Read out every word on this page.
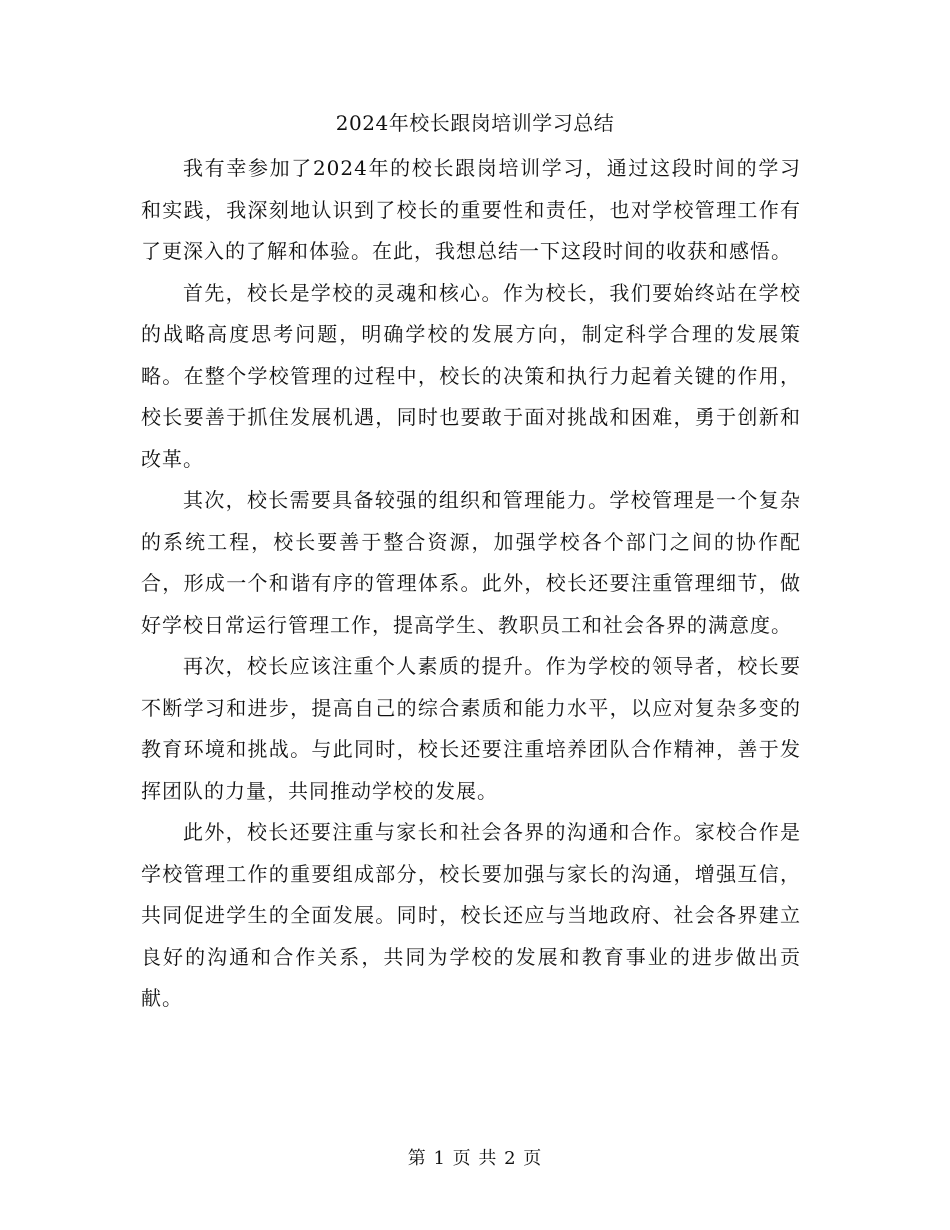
2024年校长跟岗培训学习总结

我有幸参加了2024年的校长跟岗培训学习，通过这段时间的学习和实践，我深刻地认识到了校长的重要性和责任，也对学校管理工作有了更深入的了解和体验。在此，我想总结一下这段时间的收获和感悟。

首先，校长是学校的灵魂和核心。作为校长，我们要始终站在学校的战略高度思考问题，明确学校的发展方向，制定科学合理的发展策略。在整个学校管理的过程中，校长的决策和执行力起着关键的作用，校长要善于抓住发展机遇，同时也要敢于面对挑战和困难，勇于创新和改革。

其次，校长需要具备较强的组织和管理能力。学校管理是一个复杂的系统工程，校长要善于整合资源，加强学校各个部门之间的协作配合，形成一个和谐有序的管理体系。此外，校长还要注重管理细节，做好学校日常运行管理工作，提高学生、教职员工和社会各界的满意度。

再次，校长应该注重个人素质的提升。作为学校的领导者，校长要不断学习和进步，提高自己的综合素质和能力水平，以应对复杂多变的教育环境和挑战。与此同时，校长还要注重培养团队合作精神，善于发挥团队的力量，共同推动学校的发展。

此外，校长还要注重与家长和社会各界的沟通和合作。家校合作是学校管理工作的重要组成部分，校长要加强与家长的沟通，增强互信，共同促进学生的全面发展。同时，校长还应与当地政府、社会各界建立良好的沟通和合作关系，共同为学校的发展和教育事业的进步做出贡献。

第 1 页 共 2 页
